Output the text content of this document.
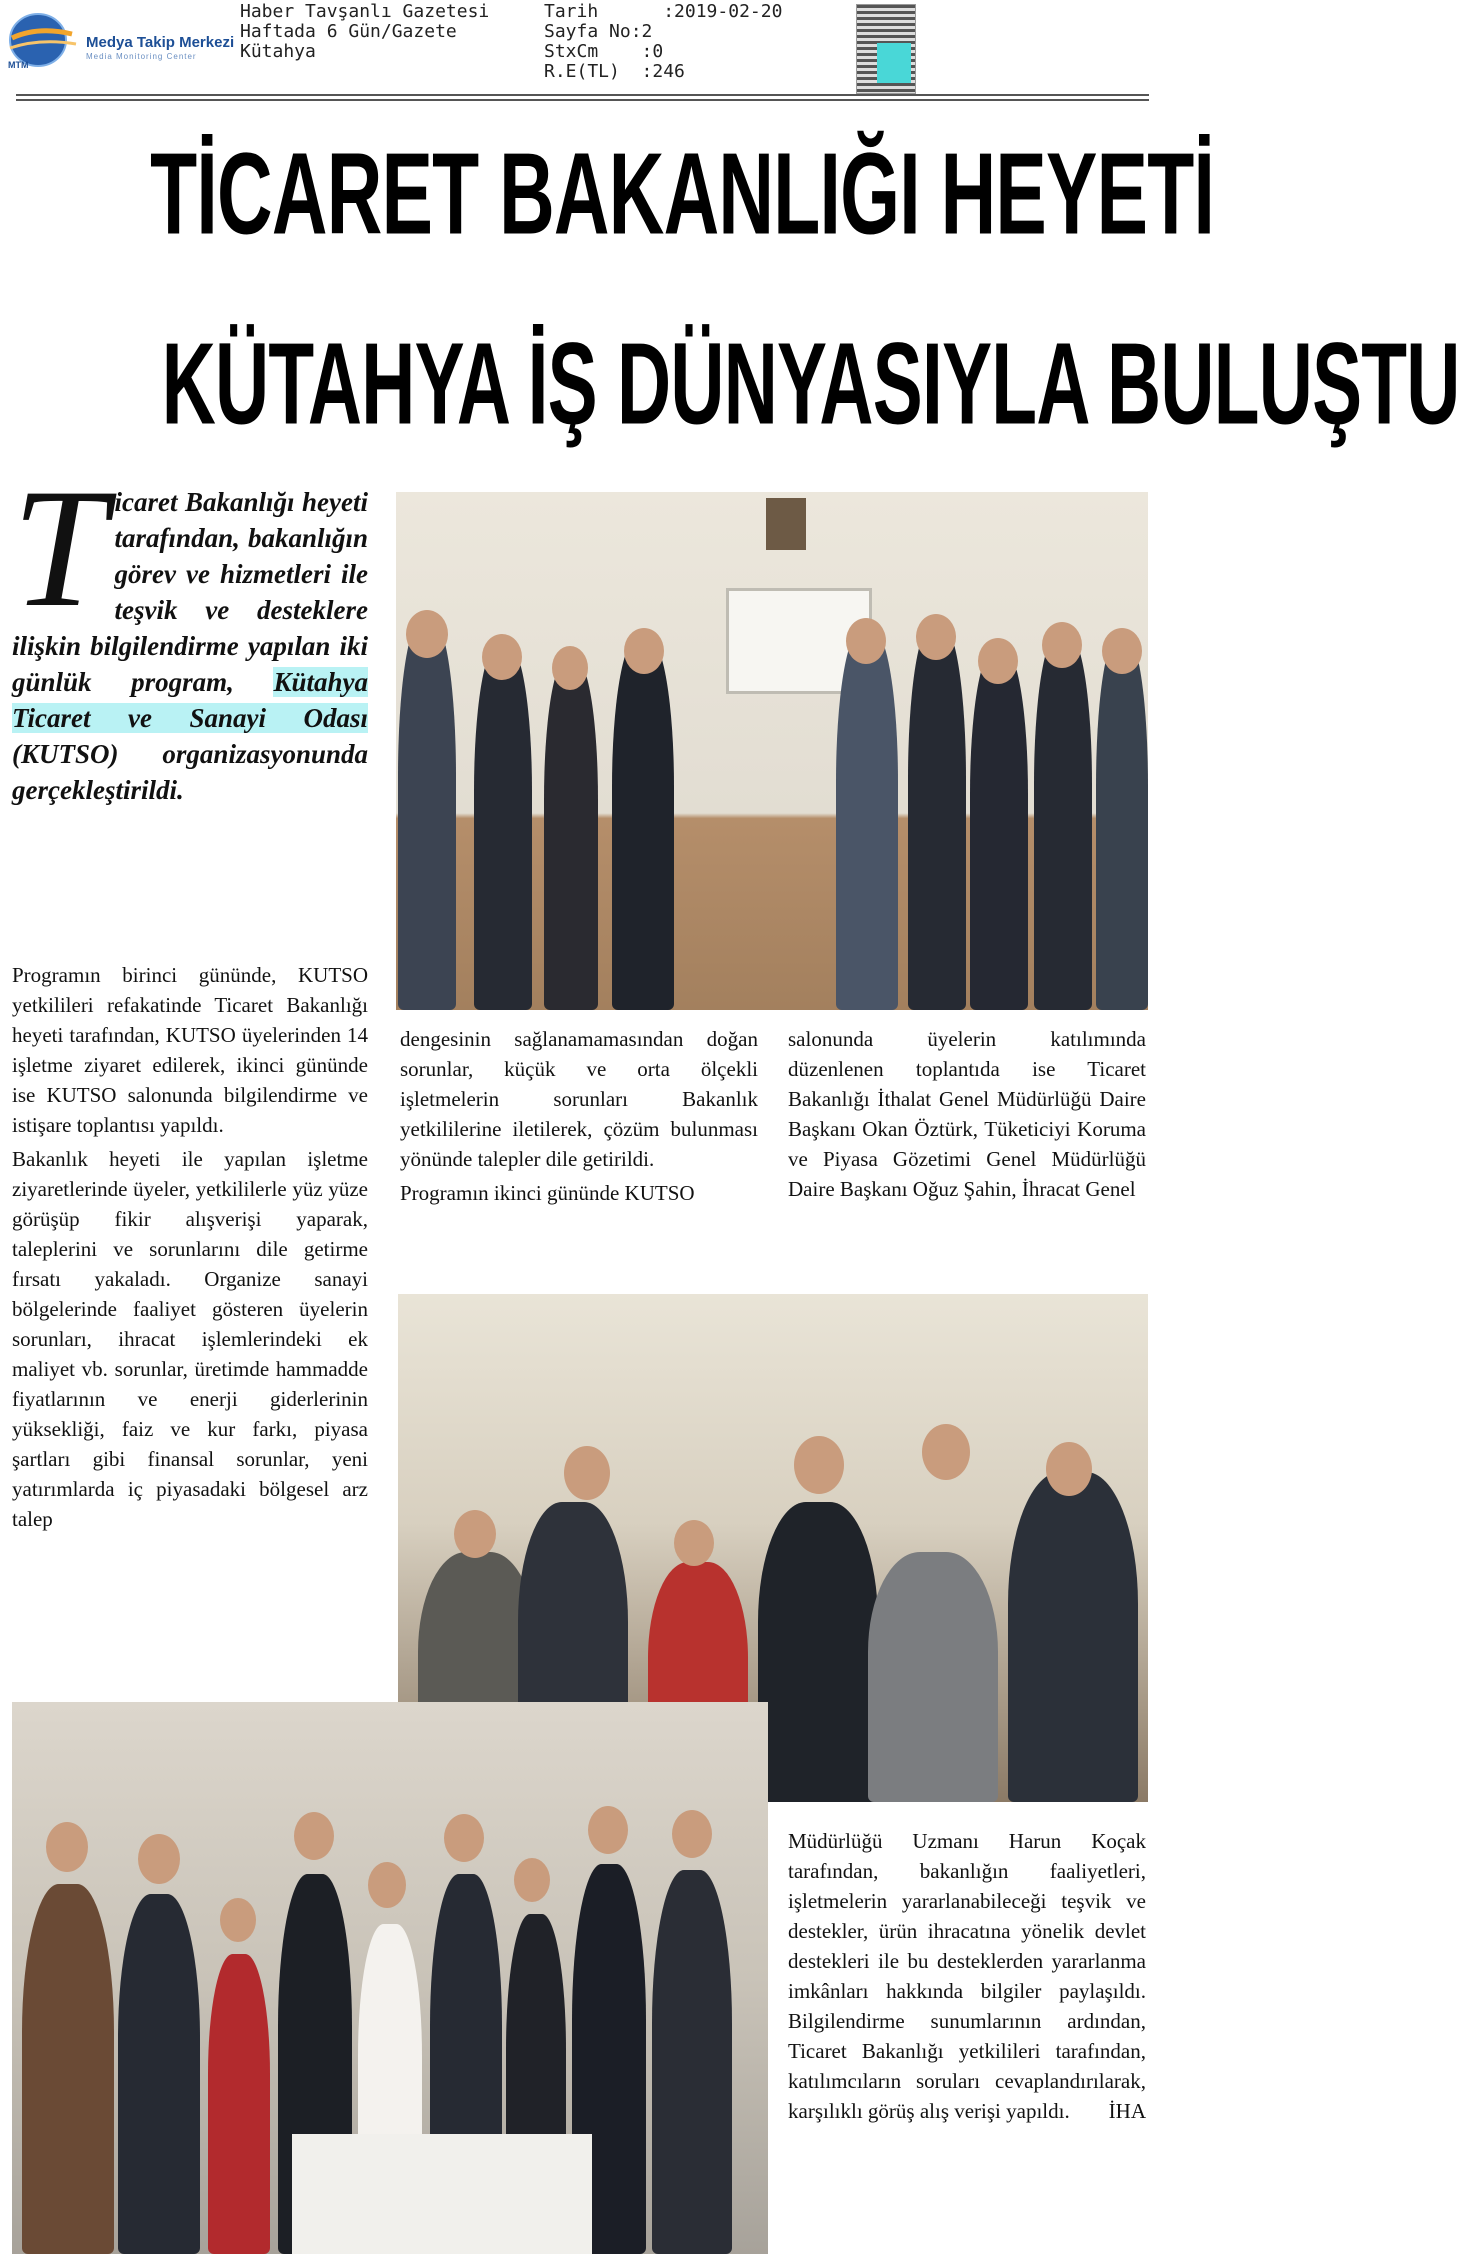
MTM
Medya Takip Merkezi
Media Monitoring Center
Haber Tavşanlı Gazetesi
Haftada 6 Gün/Gazete
Kütahya
Tarih      :2019-02-20
Sayfa No:2
StxCm    :0
R.E(TL)  :246
TİCARET BAKANLIĞI HEYETİ
KÜTAHYA İŞ DÜNYASIYLA BULUŞTU
Ticaret Bakanlığı heyeti tarafından, bakanlığın görev ve hizmetleri ile teşvik ve desteklere ilişkin bilgilendirme yapılan iki günlük program, Kütahya Ticaret ve Sanayi Odası (KUTSO) organizasyonunda gerçekleştirildi.

Programın birinci gününde, KUTSO yetkilileri refakatinde Ticaret Bakanlığı heyeti tarafından, KUTSO üyelerinden 14 işletme ziyaret edilerek, ikinci gününde ise KUTSO salonunda bilgilendirme ve istişare toplantısı yapıldı.

Bakanlık heyeti ile yapılan işletme ziyaretlerinde üyeler, yetkililerle yüz yüze görüşüp fikir alışverişi yaparak, taleplerini ve sorunlarını dile getirme fırsatı yakaladı. Organize sanayi bölgelerinde faaliyet gösteren üyelerin sorunları, ihracat işlemlerindeki ek maliyet vb. sorunlar, üretimde hammadde fiyatlarının ve enerji giderlerinin yüksekliği, faiz ve kur farkı, piyasa şartları gibi finansal sorunlar, yeni yatırımlarda iç piyasadaki bölgesel arz talep

dengesinin sağlanamamasından doğan sorunlar, küçük ve orta ölçekli işletmelerin sorunları Bakanlık yetkililerine iletilerek, çözüm bulunması yönünde talepler dile getirildi.

Programın ikinci gününde KUTSO

salonunda üyelerin katılımında düzenlenen toplantıda ise Ticaret Bakanlığı İthalat Genel Müdürlüğü Daire Başkanı Okan Öztürk, Tüketiciyi Koruma ve Piyasa Gözetimi Genel Müdürlüğü Daire Başkanı Oğuz Şahin, İhracat Genel

Müdürlüğü Uzmanı Harun Koçak tarafından, bakanlığın faaliyetleri, işletmelerin yararlanabileceği teşvik ve destekler, ürün ihracatına yönelik devlet destekleri ile bu desteklerden yararlanma imkânları hakkında bilgiler paylaşıldı. Bilgilendirme sunumlarının ardından, Ticaret Bakanlığı yetkilileri tarafından, katılımcıların soruları cevaplandırılarak, karşılıklı görüş alış verişi yapıldı. İHA
